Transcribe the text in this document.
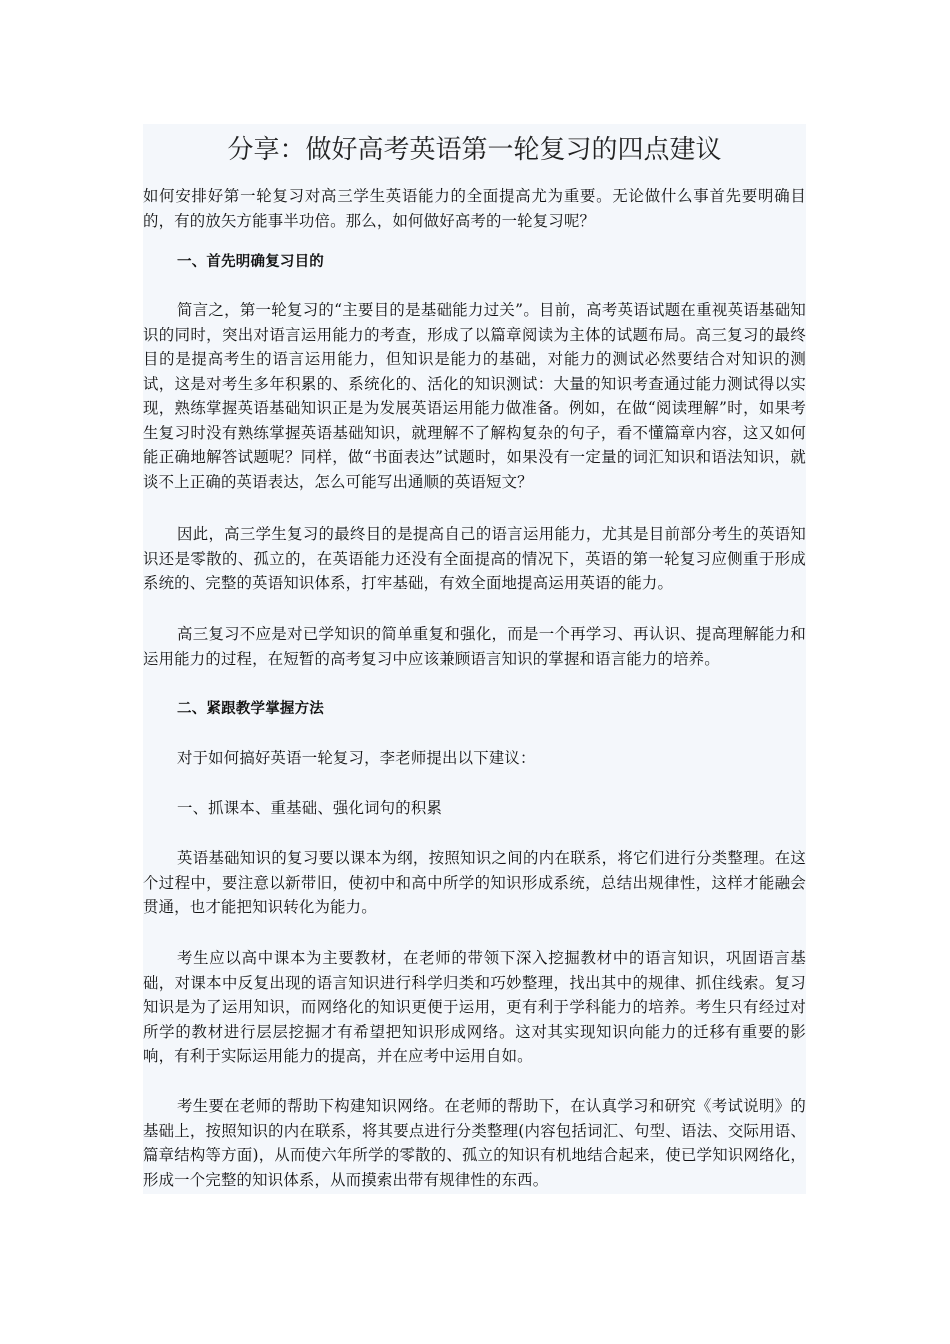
分享：做好高考英语第一轮复习的四点建议

如何安排好第一轮复习对高三学生英语能力的全面提高尤为重要。无论做什么事首先要明确目的，有的放矢方能事半功倍。那么，如何做好高考的一轮复习呢？

一、首先明确复习目的

简言之，第一轮复习的“主要目的是基础能力过关”。目前，高考英语试题在重视英语基础知识的同时，突出对语言运用能力的考查，形成了以篇章阅读为主体的试题布局。高三复习的最终目的是提高考生的语言运用能力，但知识是能力的基础，对能力的测试必然要结合对知识的测试，这是对考生多年积累的、系统化的、活化的知识测试：大量的知识考查通过能力测试得以实现，熟练掌握英语基础知识正是为发展英语运用能力做准备。例如，在做“阅读理解”时，如果考生复习时没有熟练掌握英语基础知识，就理解不了解构复杂的句子，看不懂篇章内容，这又如何能正确地解答试题呢？同样，做“书面表达”试题时，如果没有一定量的词汇知识和语法知识，就谈不上正确的英语表达，怎么可能写出通顺的英语短文？

因此，高三学生复习的最终目的是提高自己的语言运用能力，尤其是目前部分考生的英语知识还是零散的、孤立的，在英语能力还没有全面提高的情况下，英语的第一轮复习应侧重于形成系统的、完整的英语知识体系，打牢基础，有效全面地提高运用英语的能力。

高三复习不应是对已学知识的简单重复和强化，而是一个再学习、再认识、提高理解能力和运用能力的过程，在短暂的高考复习中应该兼顾语言知识的掌握和语言能力的培养。

二、紧跟教学掌握方法

对于如何搞好英语一轮复习，李老师提出以下建议：

一、抓课本、重基础、强化词句的积累

英语基础知识的复习要以课本为纲，按照知识之间的内在联系，将它们进行分类整理。在这个过程中，要注意以新带旧，使初中和高中所学的知识形成系统，总结出规律性，这样才能融会贯通，也才能把知识转化为能力。

考生应以高中课本为主要教材，在老师的带领下深入挖掘教材中的语言知识，巩固语言基础，对课本中反复出现的语言知识进行科学归类和巧妙整理，找出其中的规律、抓住线索。复习知识是为了运用知识，而网络化的知识更便于运用，更有利于学科能力的培养。考生只有经过对所学的教材进行层层挖掘才有希望把知识形成网络。这对其实现知识向能力的迁移有重要的影响，有利于实际运用能力的提高，并在应考中运用自如。

考生要在老师的帮助下构建知识网络。在老师的帮助下，在认真学习和研究《考试说明》的基础上，按照知识的内在联系，将其要点进行分类整理(内容包括词汇、句型、语法、交际用语、篇章结构等方面)，从而使六年所学的零散的、孤立的知识有机地结合起来，使已学知识网络化，形成一个完整的知识体系，从而摸索出带有规律性的东西。
